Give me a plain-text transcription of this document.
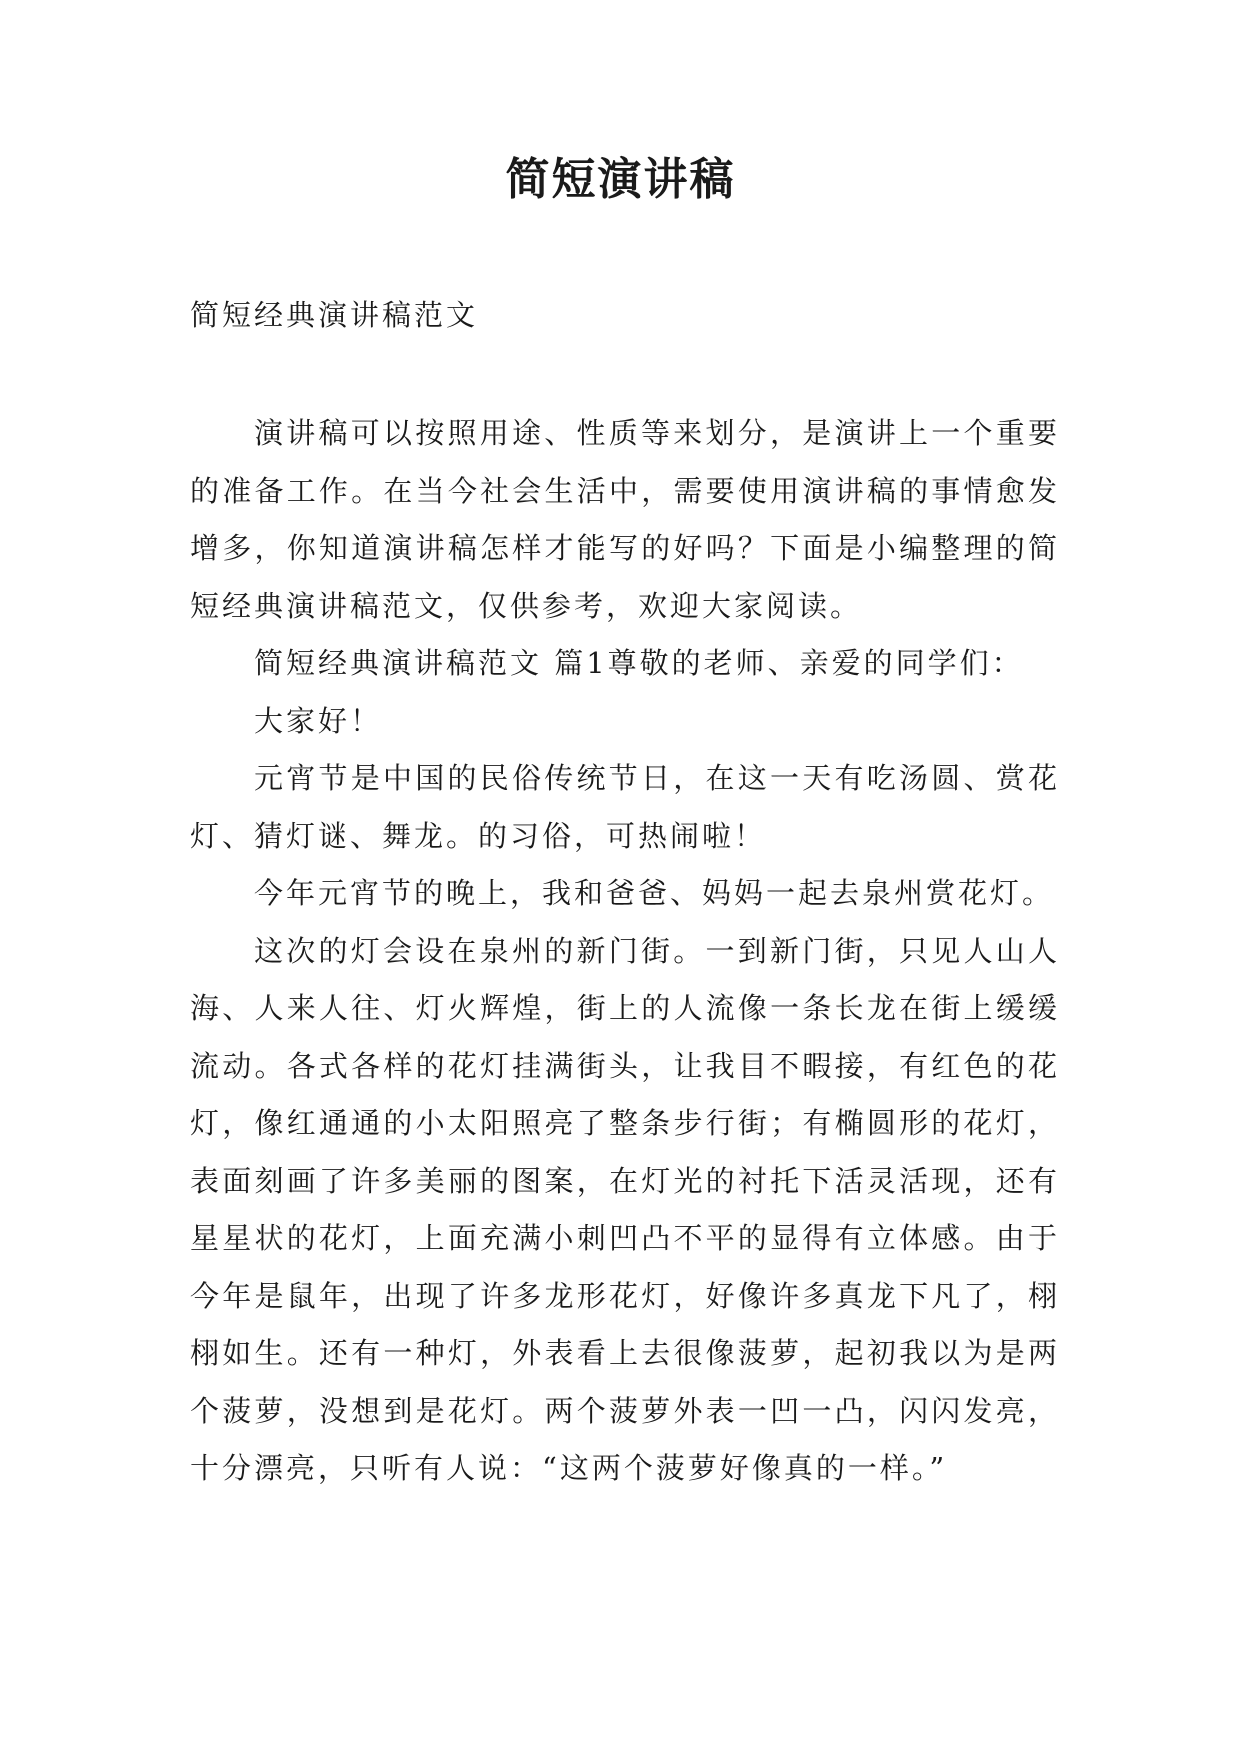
简短演讲稿
简短经典演讲稿范文

演讲稿可以按照用途、性质等来划分，是演讲上一个重要的准备工作。在当今社会生活中，需要使用演讲稿的事情愈发增多，你知道演讲稿怎样才能写的好吗？下面是小编整理的简短经典演讲稿范文，仅供参考，欢迎大家阅读。

简短经典演讲稿范文 篇1尊敬的老师、亲爱的同学们：

大家好！

元宵节是中国的民俗传统节日，在这一天有吃汤圆、赏花灯、猜灯谜、舞龙。的习俗，可热闹啦！

今年元宵节的晚上，我和爸爸、妈妈一起去泉州赏花灯。

这次的灯会设在泉州的新门街。一到新门街，只见人山人海、人来人往、灯火辉煌，街上的人流像一条长龙在街上缓缓流动。各式各样的花灯挂满街头，让我目不暇接，有红色的花灯，像红通通的小太阳照亮了整条步行街；有椭圆形的花灯，表面刻画了许多美丽的图案，在灯光的衬托下活灵活现，还有星星状的花灯，上面充满小刺凹凸不平的显得有立体感。由于今年是鼠年，出现了许多龙形花灯，好像许多真龙下凡了，栩栩如生。还有一种灯，外表看上去很像菠萝，起初我以为是两个菠萝，没想到是花灯。两个菠萝外表一凹一凸，闪闪发亮，十分漂亮，只听有人说：“这两个菠萝好像真的一样。”
